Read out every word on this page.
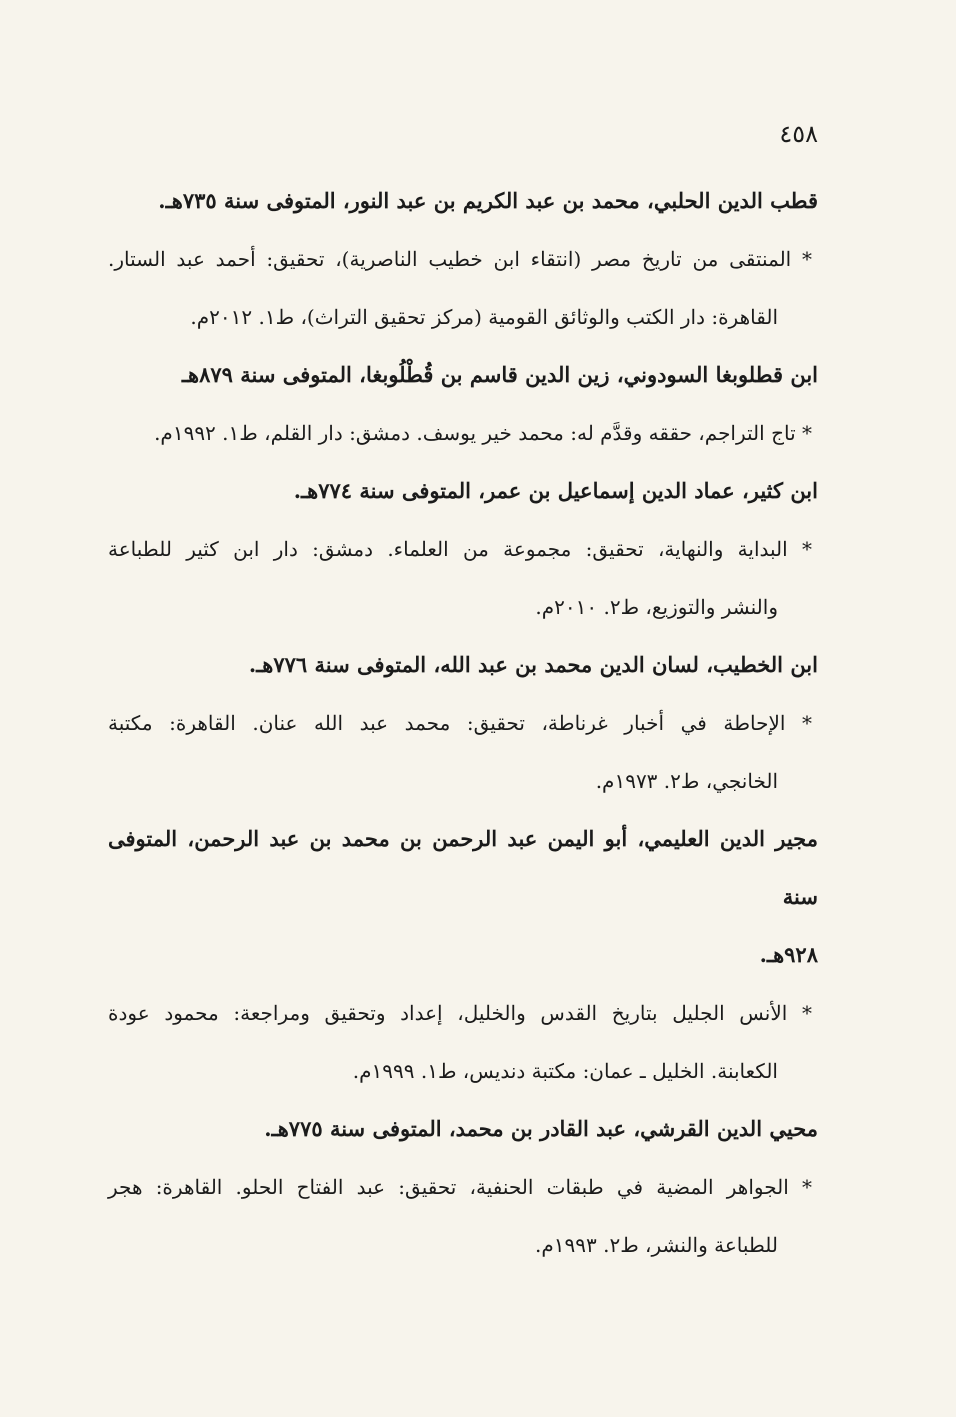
٤٥٨

قطب الدين الحلبي، محمد بن عبد الكريم بن عبد النور، المتوفى سنة ٧٣٥هـ.

* المنتقى من تاريخ مصر (انتقاء ابن خطيب الناصرية)، تحقيق: أحمد عبد الستار.
القاهرة: دار الكتب والوثائق القومية (مركز تحقيق التراث)، ط١. ٢٠١٢م.

ابن قطلوبغا السودوني، زين الدين قاسم بن قُطْلُوبغا، المتوفى سنة ٨٧٩هـ

* تاج التراجم، حققه وقدَّم له: محمد خير يوسف. دمشق: دار القلم، ط١. ١٩٩٢م.

ابن كثير، عماد الدين إسماعيل بن عمر، المتوفى سنة ٧٧٤هـ.

* البداية والنهاية، تحقيق: مجموعة من العلماء. دمشق: دار ابن كثير للطباعة
والنشر والتوزيع، ط٢. ٢٠١٠م.

ابن الخطيب، لسان الدين محمد بن عبد الله، المتوفى سنة ٧٧٦هـ.

* الإحاطة في أخبار غرناطة، تحقيق: محمد عبد الله عنان. القاهرة: مكتبة
الخانجي، ط٢. ١٩٧٣م.

مجير الدين العليمي، أبو اليمن عبد الرحمن بن محمد بن عبد الرحمن، المتوفى سنة
٩٢٨هـ.

* الأنس الجليل بتاريخ القدس والخليل، إعداد وتحقيق ومراجعة: محمود عودة
الكعابنة. الخليل ـ عمان: مكتبة دنديس، ط١. ١٩٩٩م.

محيي الدين القرشي، عبد القادر بن محمد، المتوفى سنة ٧٧٥هـ.

* الجواهر المضية في طبقات الحنفية، تحقيق: عبد الفتاح الحلو. القاهرة: هجر
للطباعة والنشر، ط٢. ١٩٩٣م.
